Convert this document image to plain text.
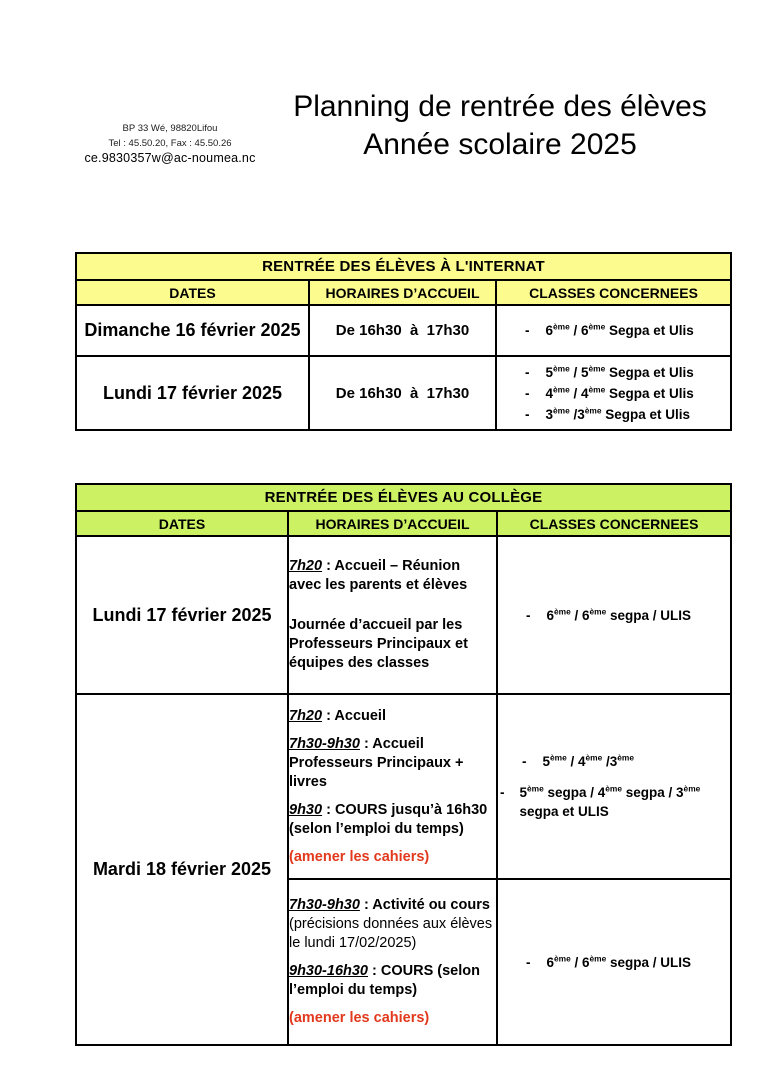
BP 33 Wé, 98820Lifou
Tel : 45.50.20, Fax : 45.50.26
ce.9830357w@ac-noumea.nc
Planning de rentrée des élèves
Année scolaire 2025
RENTRÉE DES ÉLÈVES À L'INTERNAT		
DATES	HORAIRES D’ACCUEIL	CLASSES CONCERNEES
Dimanche 16 février 2025	De 16h30  à  17h30	- 6ème / 6ème Segpa et Ulis

Lundi 17 février 2025	De 16h30  à  17h30	
- 5ème / 5ème Segpa et Ulis
- 4ème / 4ème Segpa et Ulis
- 3ème /3ème Segpa et Ulis
RENTRÉE DES ÉLÈVES AU COLLÈGE		
DATES	HORAIRES D’ACCUEIL	CLASSES CONCERNEES
Lundi 17 février 2025	
7h20 : Accueil – Réunion avec les parents et élèves
Journée d’accueil par les Professeurs Principaux et équipes des classes

- 6ème / 6ème segpa / ULIS

Mardi 18 février 2025	
7h20 : Accueil
7h30-9h30 : Accueil Professeurs Principaux + livres
9h30 : COURS jusqu’à 16h30 (selon l’emploi du temps)
(amener les cahiers)

- 5ème / 4ème /3ème
- 5ème segpa / 4ème segpa / 3ème segpa et ULIS

7h30-9h30 : Activité ou cours (précisions données aux élèves le lundi 17/02/2025)
9h30-16h30 : COURS (selon l’emploi du temps)
(amener les cahiers)

- 6ème / 6ème segpa / ULIS
